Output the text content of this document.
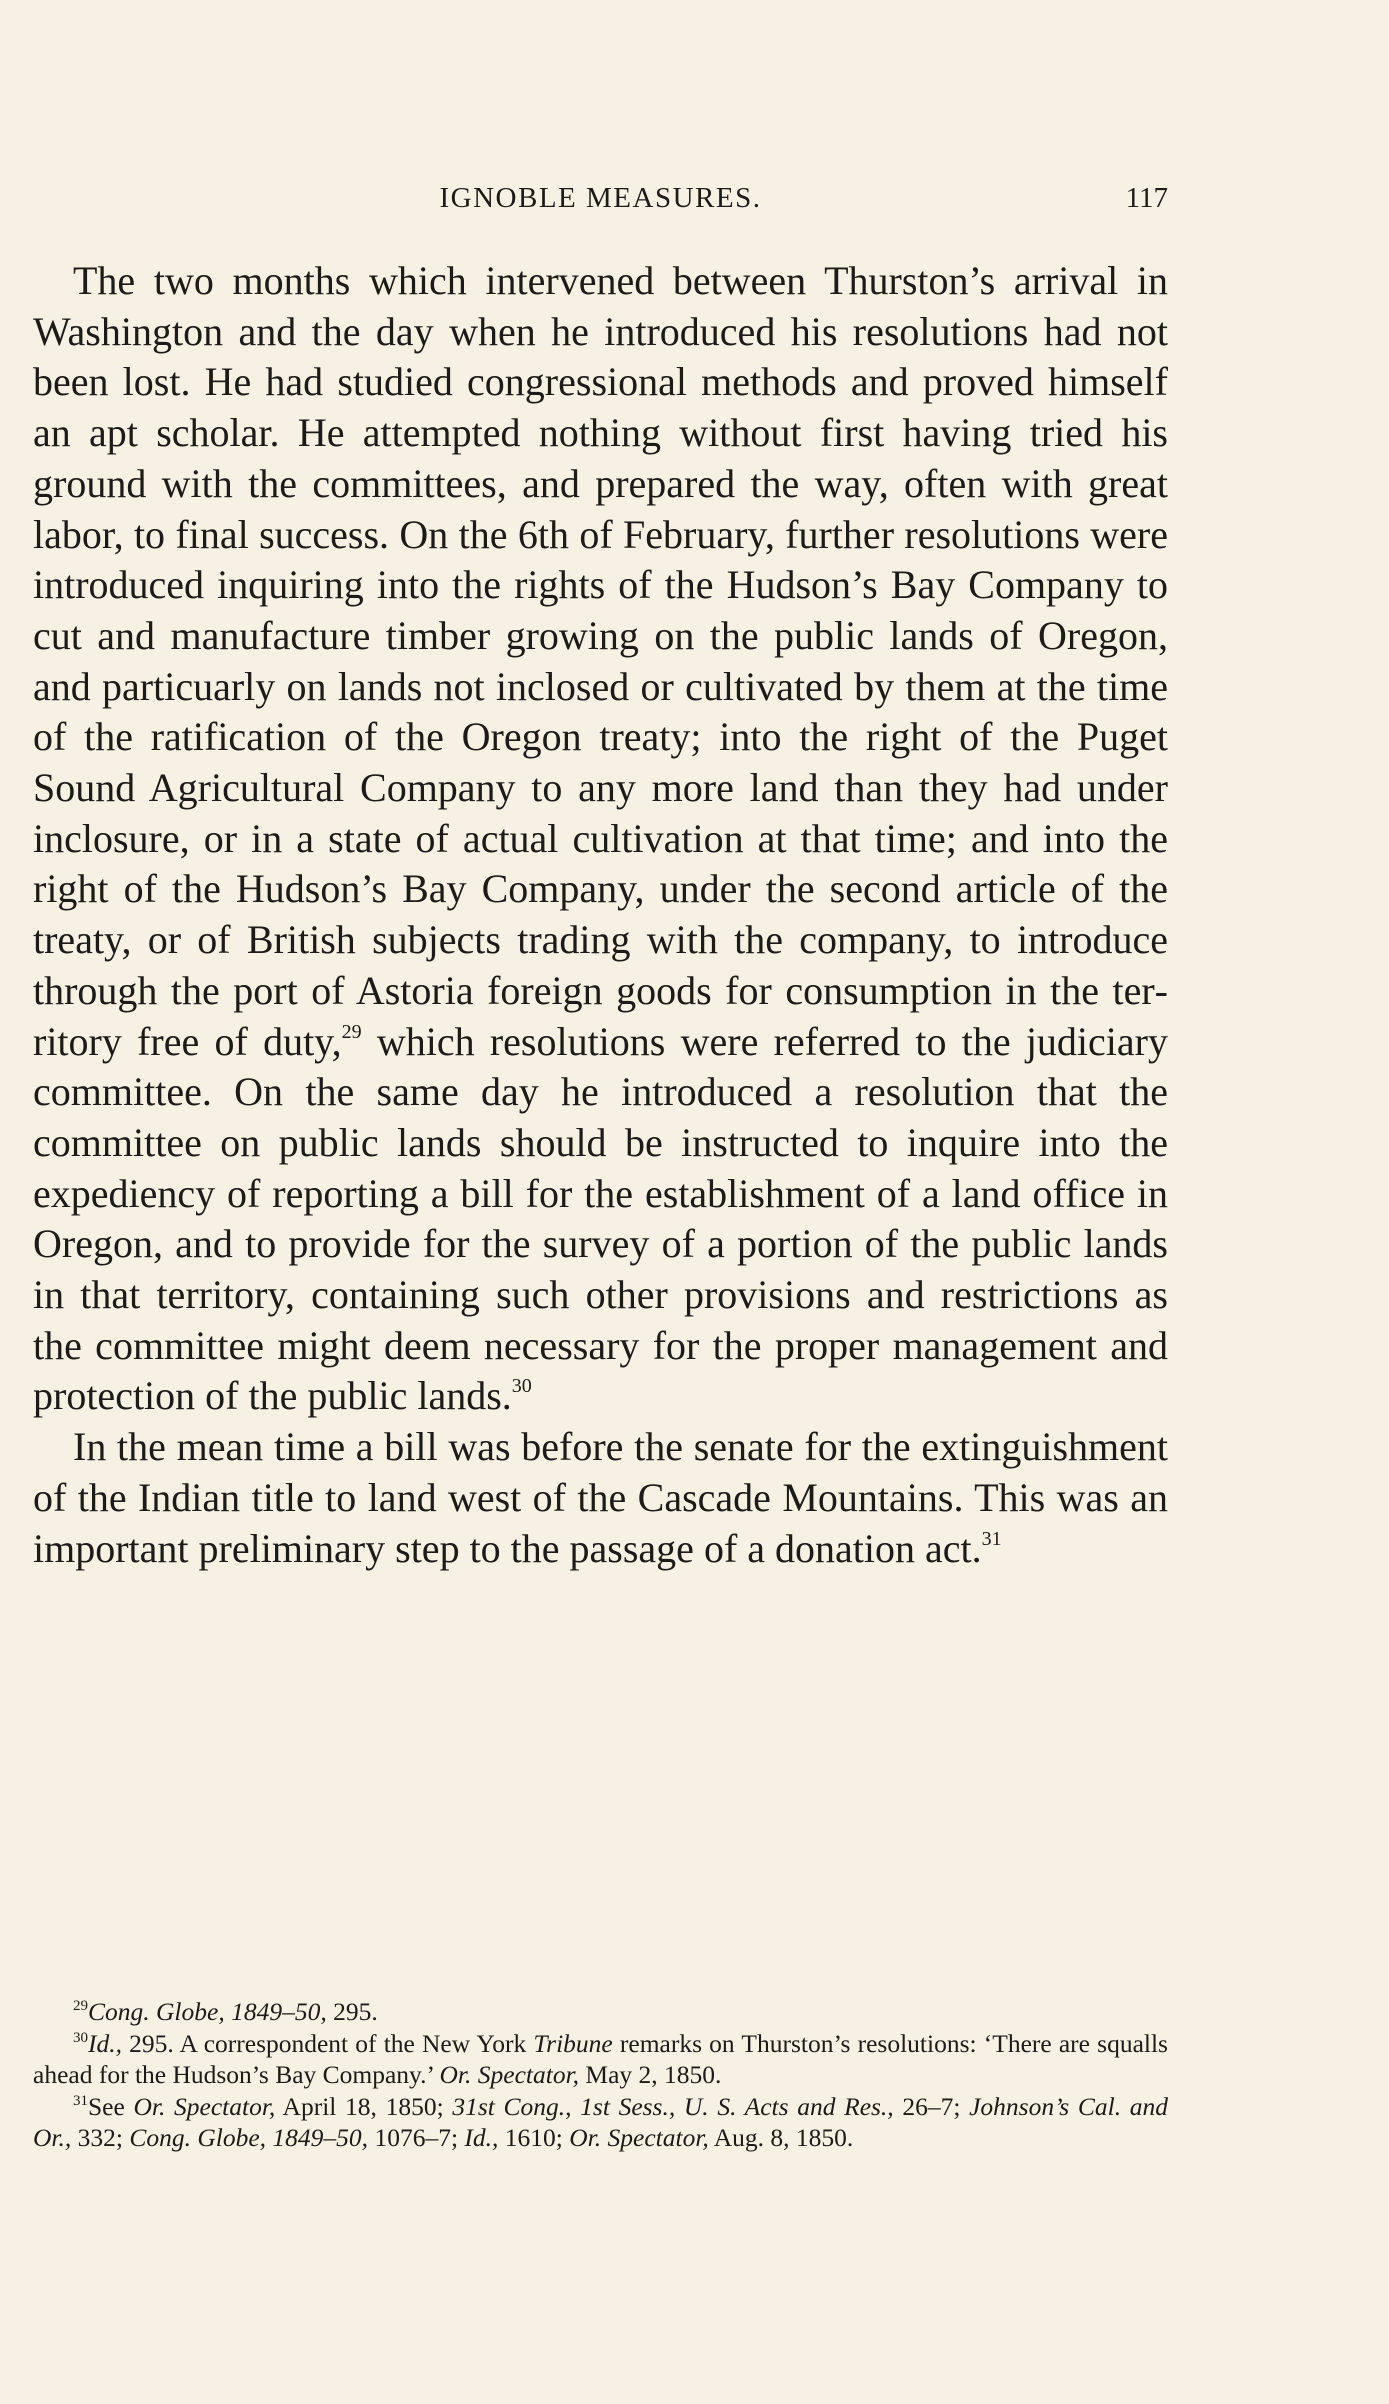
IGNOBLE MEASURES.	117

The two months which intervened between Thurston’s arrival in Washington and the day when he introduced his resolutions had not been lost. He had studied congressional methods and proved himself an apt scholar. He attempted nothing without first having tried his ground with the committees, and prepared the way, often with great labor, to final success. On the 6th of February, further resolutions were introduced inquiring into the rights of the Hudson’s Bay Company to cut and manufacture timber growing on the public lands of Oregon, and particuarly on lands not inclosed or cultivated by them at the time of the ratification of the Oregon treaty; into the right of the Puget Sound Agricultural Company to any more land than they had under inclosure, or in a state of actual cultivation at that time; and into the right of the Hudson’s Bay Company, under the second article of the treaty, or of British subjects trading with the company, to introduce through the port of Astoria foreign goods for consumption in the territory free of duty,$^{29}$ which resolutions were referred to the judiciary committee. On the same day he introduced a resolution that the committee on public lands should be instructed to inquire into the expediency of reporting a bill for the establishment of a land office in Oregon, and to provide for the survey of a portion of the public lands in that territory, containing such other provisions and restrictions as the committee might deem necessary for the proper management and protection of the public lands.$^{30}$

In the mean time a bill was before the senate for the extinguishment of the Indian title to land west of the Cascade Mountains. This was an important preliminary step to the passage of a donation act.$^{31}$

$^{29}$Cong. Globe, 1849–50, 295.

$^{30}$Id., 295. A correspondent of the New York Tribune remarks on Thurston’s resolutions: ‘There are squalls ahead for the Hudson’s Bay Company.’ Or. Spectator, May 2, 1850.

$^{31}$See Or. Spectator, April 18, 1850; 31st Cong., 1st Sess., U. S. Acts and Res., 26–7; Johnson’s Cal. and Or., 332; Cong. Globe, 1849–50, 1076–7; Id., 1610; Or. Spectator, Aug. 8, 1850.
